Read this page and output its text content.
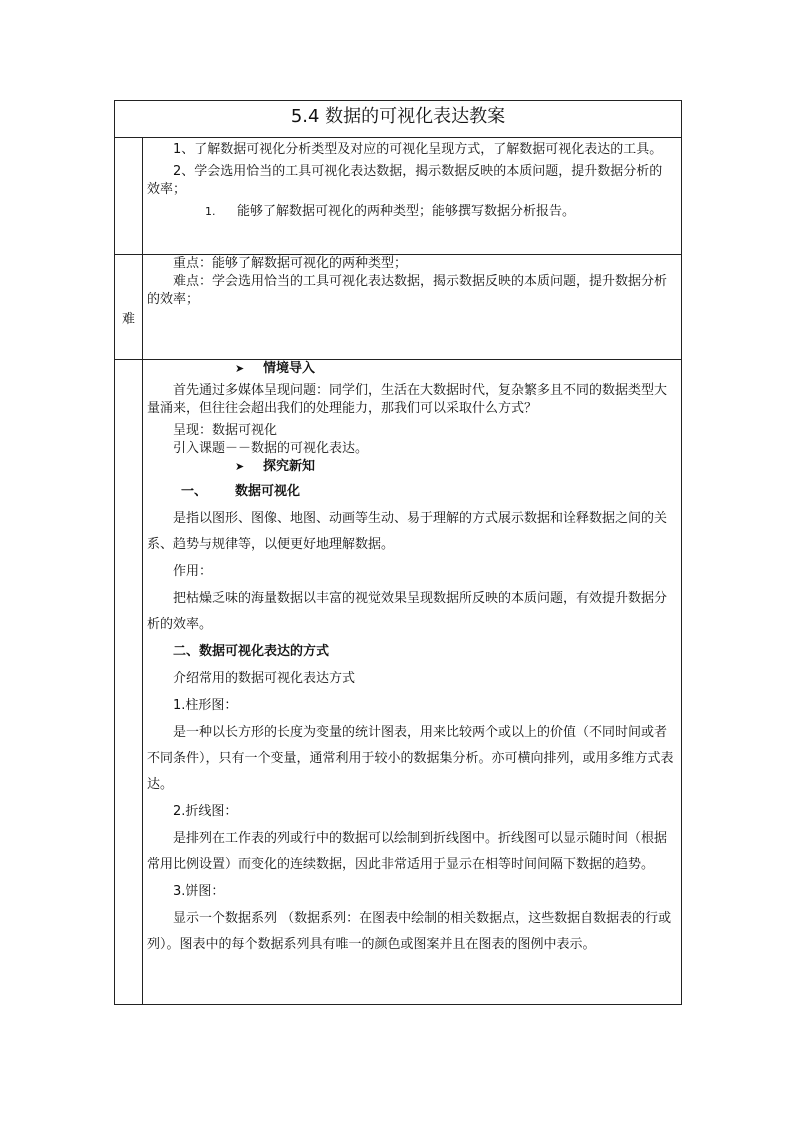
5.4 数据的可视化表达教案

1、了解数据可视化分析类型及对应的可视化呈现方式，了解数据可视化表达的工具。

2、学会选用恰当的工具可视化表达数据，揭示数据反映的本质问题，提升数据分析的效率；

1. 能够了解数据可视化的两种类型；能够撰写数据分析报告。

难

重点：能够了解数据可视化的两种类型；

难点：学会选用恰当的工具可视化表达数据，揭示数据反映的本质问题，提升数据分析的效率；

➤ 情境导入

首先通过多媒体呈现问题：同学们，生活在大数据时代，复杂繁多且不同的数据类型大量涌来，但往往会超出我们的处理能力，那我们可以采取什么方式？

呈现：数据可视化

引入课题－－数据的可视化表达。

➤ 探究新知

一、 数据可视化

是指以图形、图像、地图、动画等生动、易于理解的方式展示数据和诠释数据之间的关系、趋势与规律等，以便更好地理解数据。

作用：

把枯燥乏味的海量数据以丰富的视觉效果呈现数据所反映的本质问题，有效提升数据分析的效率。

二、数据可视化表达的方式

介绍常用的数据可视化表达方式

1.柱形图：

是一种以长方形的长度为变量的统计图表，用来比较两个或以上的价值（不同时间或者不同条件），只有一个变量，通常利用于较小的数据集分析。亦可横向排列，或用多维方式表达。

2.折线图：

是排列在工作表的列或行中的数据可以绘制到折线图中。折线图可以显示随时间（根据常用比例设置）而变化的连续数据，因此非常适用于显示在相等时间间隔下数据的趋势。

3.饼图：

显示一个数据系列 （数据系列：在图表中绘制的相关数据点，这些数据自数据表的行或列）。图表中的每个数据系列具有唯一的颜色或图案并且在图表的图例中表示。
